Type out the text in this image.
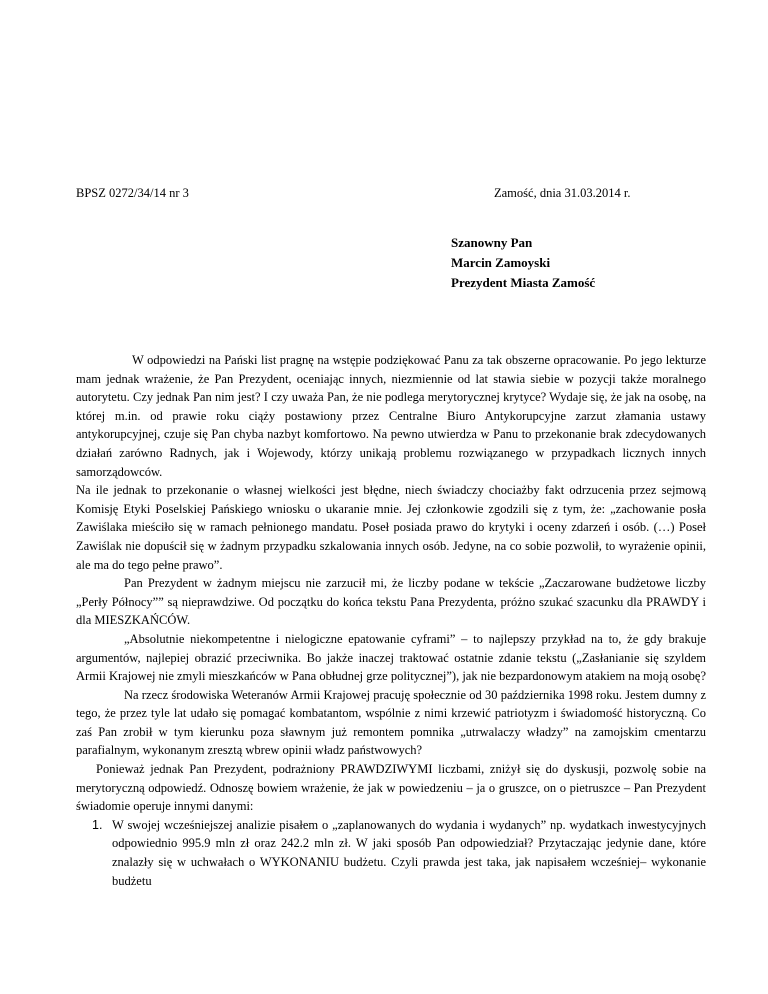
BPSZ 0272/34/14 nr 3	Zamość, dnia 31.03.2014 r.
Szanowny Pan
Marcin Zamoyski
Prezydent Miasta Zamość

W odpowiedzi na Pański list pragnę na wstępie podziękować Panu za tak obszerne opracowanie. Po jego lekturze mam jednak wrażenie, że Pan Prezydent, oceniając innych, niezmiennie od lat stawia siebie w pozycji także moralnego autorytetu. Czy jednak Pan nim jest? I czy uważa Pan, że nie podlega merytorycznej krytyce? Wydaje się, że jak na osobę, na której m.in. od prawie roku ciąży postawiony przez Centralne Biuro Antykorupcyjne zarzut złamania ustawy antykorupcyjnej, czuje się Pan chyba nazbyt komfortowo. Na pewno utwierdza w Panu to przekonanie brak zdecydowanych działań zarówno Radnych, jak i Wojewody, którzy unikają problemu rozwiązanego w przypadkach licznych innych samorządowców.

Na ile jednak to przekonanie o własnej wielkości jest błędne, niech świadczy chociażby fakt odrzucenia przez sejmową Komisję Etyki Poselskiej Pańskiego wniosku o ukaranie mnie. Jej członkowie zgodzili się z tym, że: „zachowanie posła Zawiślaka mieściło się w ramach pełnionego mandatu. Poseł posiada prawo do krytyki i oceny zdarzeń i osób. (…) Poseł Zawiślak nie dopuścił się w żadnym przypadku szkalowania innych osób. Jedyne, na co sobie pozwolił, to wyrażenie opinii, ale ma do tego pełne prawo”.

Pan Prezydent w żadnym miejscu nie zarzucił mi, że liczby podane w tekście „Zaczarowane budżetowe liczby „Perły Północy”” są nieprawdziwe. Od początku do końca tekstu Pana Prezydenta, próżno szukać szacunku dla PRAWDY i dla MIESZKAŃCÓW.

„Absolutnie niekompetentne i nielogiczne epatowanie cyframi” – to najlepszy przykład na to, że gdy brakuje argumentów, najlepiej obrazić przeciwnika. Bo jakże inaczej traktować ostatnie zdanie tekstu („Zasłanianie się szyldem Armii Krajowej nie zmyli mieszkańców w Pana obłudnej grze politycznej”), jak nie bezpardonowym atakiem na moją osobę?

Na rzecz środowiska Weteranów Armii Krajowej pracuję społecznie od 30 października 1998 roku. Jestem dumny z tego, że przez tyle lat udało się pomagać kombatantom, wspólnie z nimi krzewić patriotyzm i świadomość historyczną. Co zaś Pan zrobił w tym kierunku poza sławnym już remontem pomnika „utrwalaczy władzy” na zamojskim cmentarzu parafialnym, wykonanym zresztą wbrew opinii władz państwowych?

Ponieważ jednak Pan Prezydent, podrażniony PRAWDZIWYMI liczbami, zniżył się do dyskusji, pozwolę sobie na merytoryczną odpowiedź. Odnoszę bowiem wrażenie, że jak w powiedzeniu – ja o gruszce, on o pietruszce – Pan Prezydent świadomie operuje innymi danymi:

1. W swojej wcześniejszej analizie pisałem o „zaplanowanych do wydania i wydanych” np. wydatkach inwestycyjnych odpowiednio 995.9 mln zł oraz 242.2 mln zł. W jaki sposób Pan odpowiedział? Przytaczając jedynie dane, które znalazły się w uchwałach o WYKONANIU budżetu. Czyli prawda jest taka, jak napisałem wcześniej– wykonanie budżetu
